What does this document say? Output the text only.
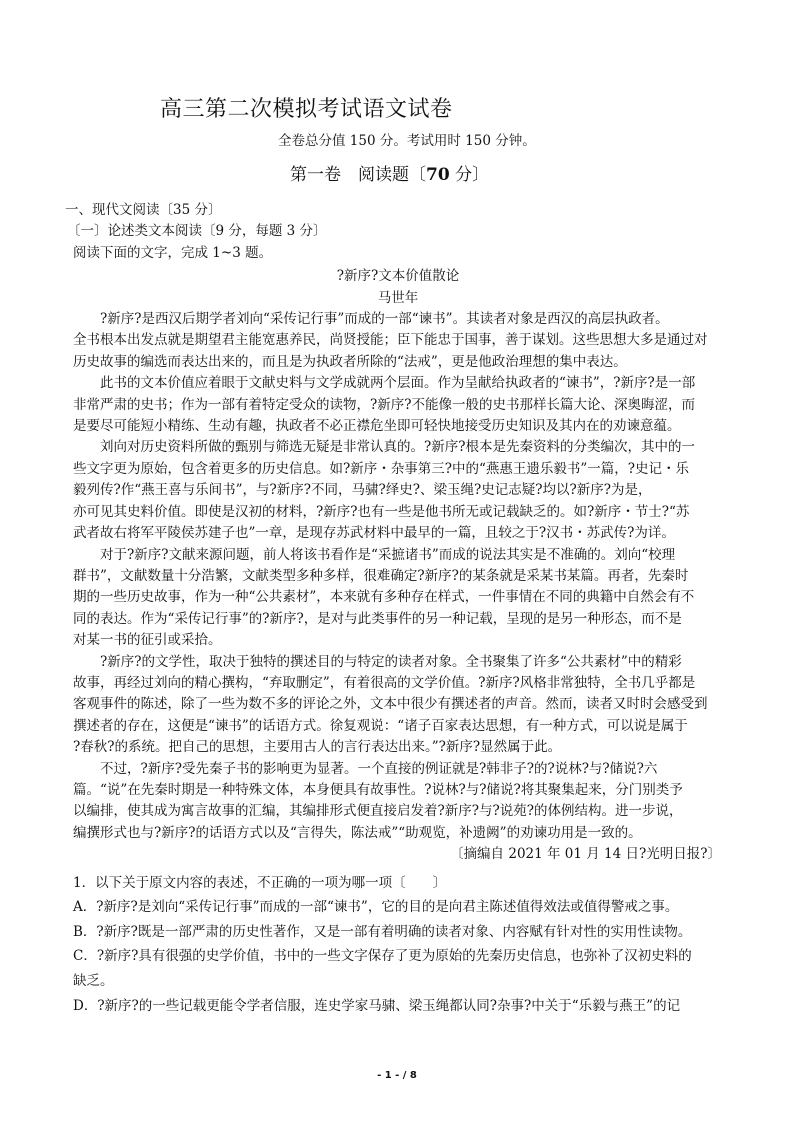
高三第二次模拟考试语文试卷
全卷总分值 150 分。考试用时 150 分钟。
第一卷　阅读题〔70 分〕
一、现代文阅读〔35 分〕
〔一〕论述类文本阅读〔9 分，每题 3 分〕
阅读下面的文字，完成 1~3 题。
?新序?文本价值散论
马世年
?新序?是西汉后期学者刘向“采传记行事”而成的一部“谏书”。其读者对象是西汉的高层执政者。
全书根本出发点就是期望君主能宽惠养民，尚贤授能；臣下能忠于国事，善于谋划。这些思想大多是通过对
历史故事的编选而表达出来的，而且是为执政者所除的“法戒”，更是他政治理想的集中表达。
此书的文本价值应着眼于文献史料与文学成就两个层面。作为呈献给执政者的“谏书”，?新序?是一部
非常严肃的史书；作为一部有着特定受众的读物，?新序?不能像一般的史书那样长篇大论、深奥晦涩，而
是要尽可能短小精练、生动有趣，执政者不必正襟危坐即可轻快地接受历史知识及其内在的劝谏意蕴。
刘向对历史资料所做的甄别与筛选无疑是非常认真的。?新序?根本是先秦资料的分类编次，其中的一
些文字更为原始，包含着更多的历史信息。如?新序・杂事第三?中的“燕惠王遗乐毅书”一篇，?史记・乐
毅列传?作“燕王喜与乐间书”，与?新序?不同，马骕?绎史?、梁玉绳?史记志疑?均以?新序?为是，
亦可见其史料价值。即使是汉初的材料，?新序?也有一些是他书所无或记载缺乏的。如?新序・节士?“苏
武者故右将军平陵侯苏建子也”一章，是现存苏武材料中最早的一篇，且较之于?汉书・苏武传?为详。
对于?新序?文献来源问题，前人将该书看作是“采摭诸书”而成的说法其实是不准确的。刘向“校理
群书”，文献数量十分浩繁，文献类型多种多样，很难确定?新序?的某条就是采某书某篇。再者，先秦时
期的一些历史故事，作为一种“公共素材”，本来就有多种存在样式，一件事情在不同的典籍中自然会有不
同的表达。作为“采传记行事”的?新序?，是对与此类事件的另一种记载，呈现的是另一种形态，而不是
对某一书的征引或采拾。
?新序?的文学性，取决于独特的撰述目的与特定的读者对象。全书聚集了许多“公共素材”中的精彩
故事，再经过刘向的精心撰构，“弃取删定”，有着很高的文学价值。?新序?风格非常独特，全书几乎都是
客观事件的陈述，除了一些为数不多的评论之外，文本中很少有撰述者的声音。然而，读者又时时会感受到
撰述者的存在，这便是“谏书”的话语方式。徐复观说：“诸子百家表达思想，有一种方式，可以说是属于
?春秋?的系统。把自己的思想，主要用古人的言行表达出来。”?新序?显然属于此。
不过，?新序?受先秦子书的影响更为显著。一个直接的例证就是?韩非子?的?说林?与?储说?六
篇。“说”在先秦时期是一种特殊文体，本身便具有故事性。?说林?与?储说?将其聚集起来，分门别类予
以编排，使其成为寓言故事的汇编，其编排形式便直接启发着?新序?与?说苑?的体例结构。进一步说，
编撰形式也与?新序?的话语方式以及“言得失，陈法戒”“助观览，补遗阙”的劝谏功用是一致的。
〔摘编自 2021 年 01 月 14 日?光明日报?〕
1．以下关于原文内容的表述，不正确的一项为哪一项〔　　〕
A．?新序?是刘向“采传记行事”而成的一部“谏书”，它的目的是向君主陈述值得效法或值得警戒之事。
B．?新序?既是一部严肃的历史性著作，又是一部有着明确的读者对象、内容赋有针对性的实用性读物。
C．?新序?具有很强的史学价值，书中的一些文字保存了更为原始的先秦历史信息，也弥补了汉初史料的
缺乏。
D．?新序?的一些记载更能令学者信服，连史学家马骕、梁玉绳都认同?杂事?中关于“乐毅与燕王”的记
- 1 - / 8
